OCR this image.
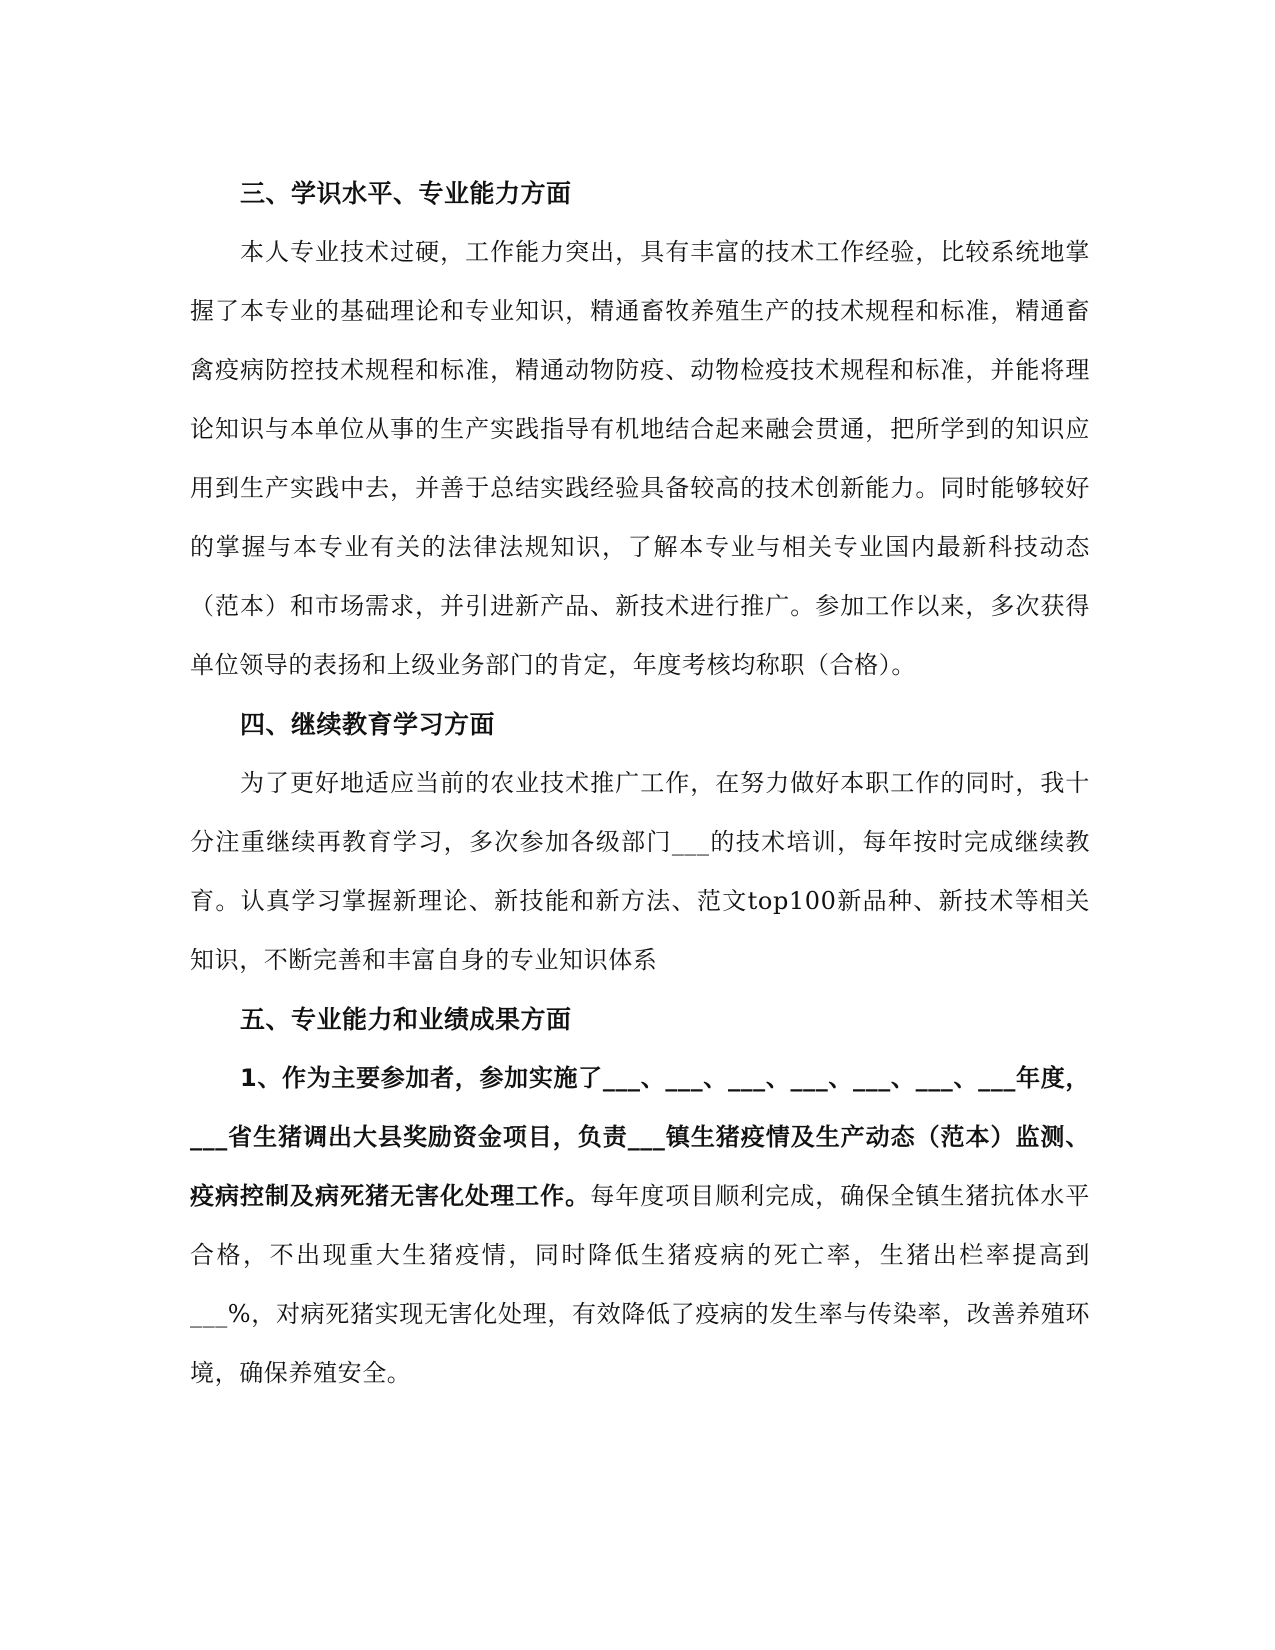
三、学识水平、专业能力方面

本人专业技术过硬，工作能力突出，具有丰富的技术工作经验，比较系统地掌握了本专业的基础理论和专业知识，精通畜牧养殖生产的技术规程和标准，精通畜禽疫病防控技术规程和标准，精通动物防疫、动物检疫技术规程和标准，并能将理论知识与本单位从事的生产实践指导有机地结合起来融会贯通，把所学到的知识应用到生产实践中去，并善于总结实践经验具备较高的技术创新能力。同时能够较好的掌握与本专业有关的法律法规知识，了解本专业与相关专业国内最新科技动态（范本）和市场需求，并引进新产品、新技术进行推广。参加工作以来，多次获得单位领导的表扬和上级业务部门的肯定，年度考核均称职（合格）。

四、继续教育学习方面

为了更好地适应当前的农业技术推广工作，在努力做好本职工作的同时，我十分注重继续再教育学习，多次参加各级部门___的技术培训，每年按时完成继续教育。认真学习掌握新理论、新技能和新方法、范文top100新品种、新技术等相关知识，不断完善和丰富自身的专业知识体系

五、专业能力和业绩成果方面

1、作为主要参加者，参加实施了___、___、___、___、___、___、___年度，___省生猪调出大县奖励资金项目，负责___镇生猪疫情及生产动态（范本）监测、疫病控制及病死猪无害化处理工作。每年度项目顺利完成，确保全镇生猪抗体水平合格，不出现重大生猪疫情，同时降低生猪疫病的死亡率，生猪出栏率提高到___%，对病死猪实现无害化处理，有效降低了疫病的发生率与传染率，改善养殖环境，确保养殖安全。
